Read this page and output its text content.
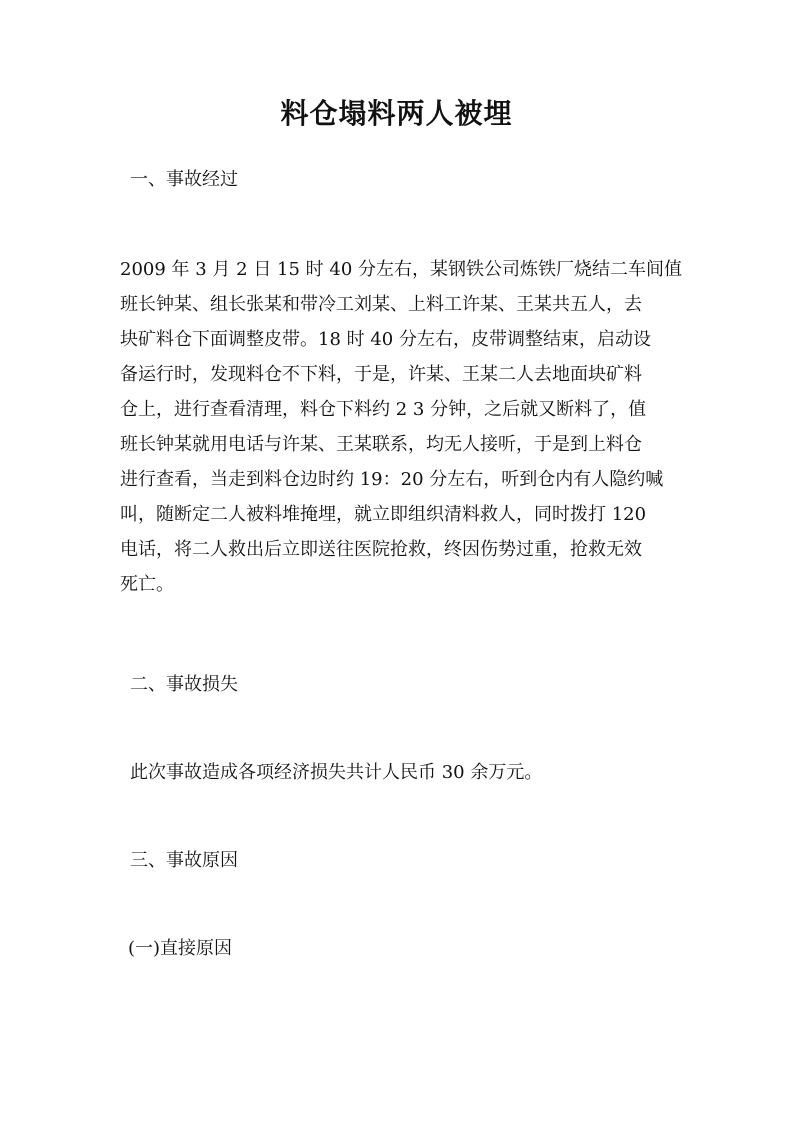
料仓塌料两人被埋
一、事故经过
2009 年 3 月 2 日 15 时 40 分左右，某钢铁公司炼铁厂烧结二车间值
班长钟某、组长张某和带冷工刘某、上料工许某、王某共五人，去
块矿料仓下面调整皮带。18 时 40 分左右，皮带调整结束，启动设
备运行时，发现料仓不下料，于是，许某、王某二人去地面块矿料
仓上，进行查看清理，料仓下料约 2 3 分钟，之后就又断料了，值
班长钟某就用电话与许某、王某联系，均无人接听，于是到上料仓
进行查看，当走到料仓边时约 19：20 分左右，听到仓内有人隐约喊
叫，随断定二人被料堆掩埋，就立即组织清料救人，同时拨打 120
电话，将二人救出后立即送往医院抢救，终因伤势过重，抢救无效
死亡。
二、事故损失
此次事故造成各项经济损失共计人民币 30 余万元。
三、事故原因
(一)直接原因
